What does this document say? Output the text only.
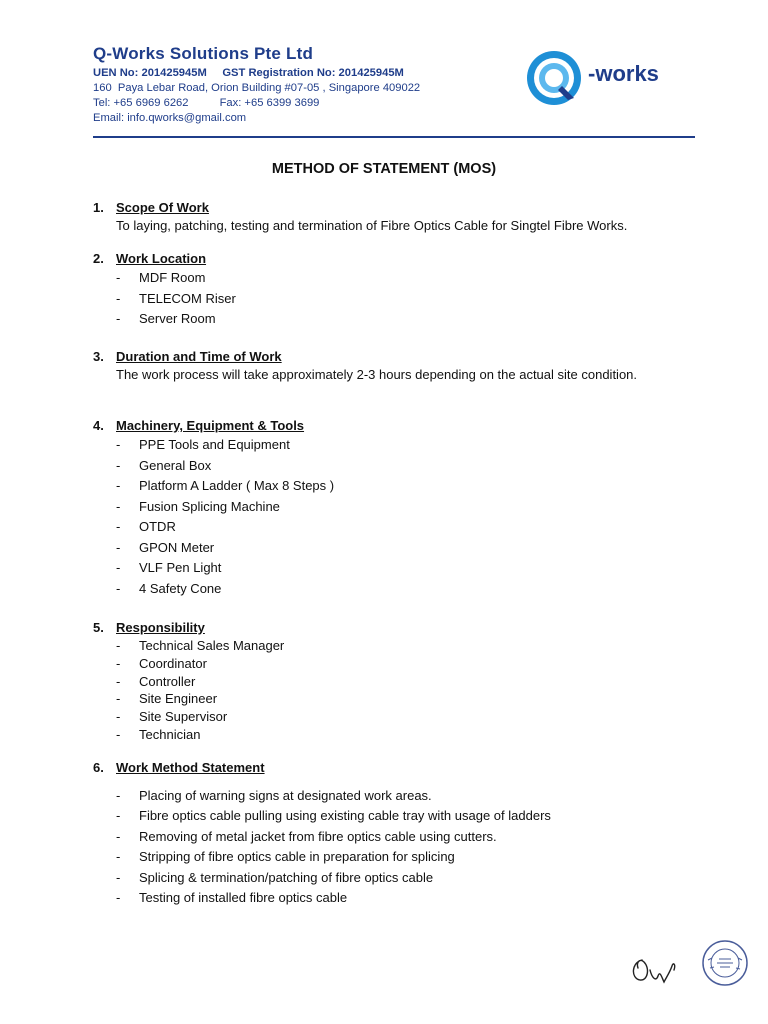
Q-Works Solutions Pte Ltd
UEN No: 201425945M     GST Registration No: 201425945M
160  Paya Lebar Road, Orion Building #07-05 , Singapore 409022
Tel: +65 6969 6262          Fax: +65 6399 3699
Email: info.qworks@gmail.com
-works
METHOD OF STATEMENT (MOS)
1. Scope Of Work
To laying, patching, testing and termination of Fibre Optics Cable for Singtel Fibre Works.
2. Work Location
- MDF Room
- TELECOM Riser
- Server Room
3. Duration and Time of Work
The work process will take approximately 2-3 hours depending on the actual site condition.
4. Machinery, Equipment & Tools
- PPE Tools and Equipment
- General Box
- Platform A Ladder ( Max 8 Steps )
- Fusion Splicing Machine
- OTDR
- GPON Meter
- VLF Pen Light
- 4 Safety Cone
5. Responsibility
- Technical Sales Manager
- Coordinator
- Controller
- Site Engineer
- Site Supervisor
- Technician
6. Work Method Statement
- Placing of warning signs at designated work areas.
- Fibre optics cable pulling using existing cable tray with usage of ladders
- Removing of metal jacket from fibre optics cable using cutters.
- Stripping of fibre optics cable in preparation for splicing
- Splicing & termination/patching of fibre optics cable
- Testing of installed fibre optics cable
